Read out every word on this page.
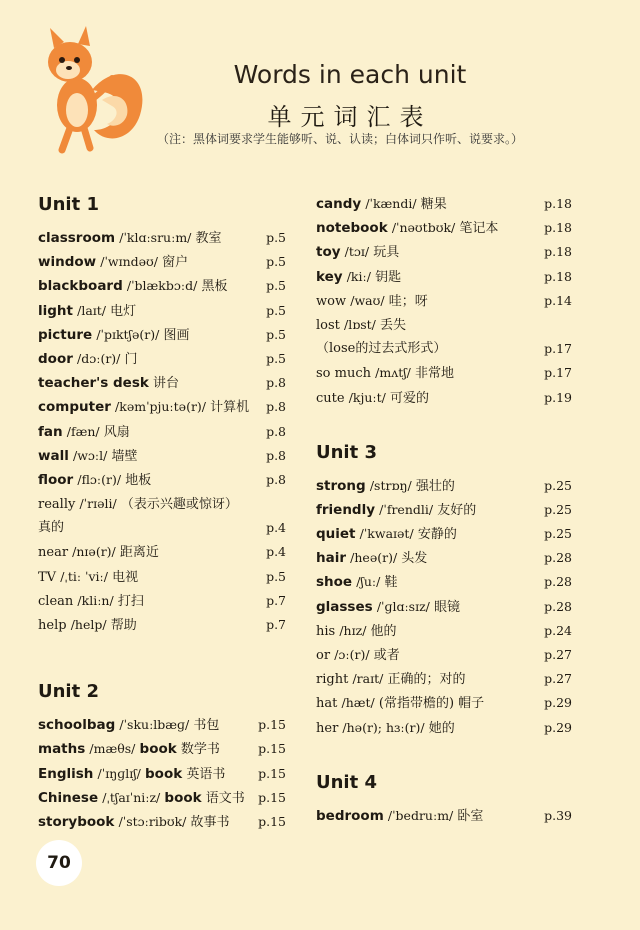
Words in each unit
单元词汇表
（注：黑体词要求学生能够听、说、认读；白体词只作听、说要求。）
Unit 1
classroom /ˈklɑːsruːm/ 教室	p.5
window /ˈwɪndəʊ/ 窗户	p.5
blackboard /ˈblækbɔːd/ 黑板	p.5
light /laɪt/ 电灯	p.5
picture /ˈpɪktʃə(r)/ 图画	p.5
door /dɔː(r)/ 门	p.5
teacher's desk 讲台	p.8
computer /kəmˈpjuːtə(r)/ 计算机 p.8
fan /fæn/ 风扇	p.8
wall /wɔːl/ 墙壁	p.8
floor /flɔː(r)/ 地板	p.8
really /ˈrɪəli/ （表示兴趣或惊讶）
真的	p.4
near /nɪə(r)/ 距离近	p.4
TV /ˌtiː ˈviː/ 电视	p.5
clean /kliːn/ 打扫	p.7
help /help/ 帮助	p.7
Unit 2
schoolbag /ˈskuːlbæɡ/ 书包	p.15
maths /mæθs/ book 数学书	p.15
English /ˈɪŋɡlɪʃ/ book 英语书	p.15
Chinese /ˌtʃaɪˈniːz/ book 语文书 p.15
storybook /ˈstɔːribʊk/ 故事书 p.15
candy /ˈkændi/ 糖果	p.18
notebook /ˈnəʊtbʊk/ 笔记本	p.18
toy /tɔɪ/ 玩具	p.18
key /kiː/ 钥匙	p.18
wow /waʊ/ 哇；呀	p.14
lost /lɒst/ 丢失
（lose的过去式形式）	p.17
so much /mʌtʃ/ 非常地	p.17
cute /kjuːt/ 可爱的	p.19
Unit 3
strong /strɒŋ/ 强壮的	p.25
friendly /ˈfrendli/ 友好的	p.25
quiet /ˈkwaɪət/ 安静的	p.25
hair /heə(r)/ 头发	p.28
shoe /ʃuː/ 鞋	p.28
glasses /ˈɡlɑːsɪz/ 眼镜	p.28
his /hɪz/ 他的	p.24
or /ɔː(r)/ 或者	p.27
right /raɪt/ 正确的；对的	p.27
hat /hæt/ (常指带檐的) 帽子	p.29
her /hə(r); hɜː(r)/ 她的	p.29
Unit 4
bedroom /ˈbedruːm/ 卧室	p.39
70
